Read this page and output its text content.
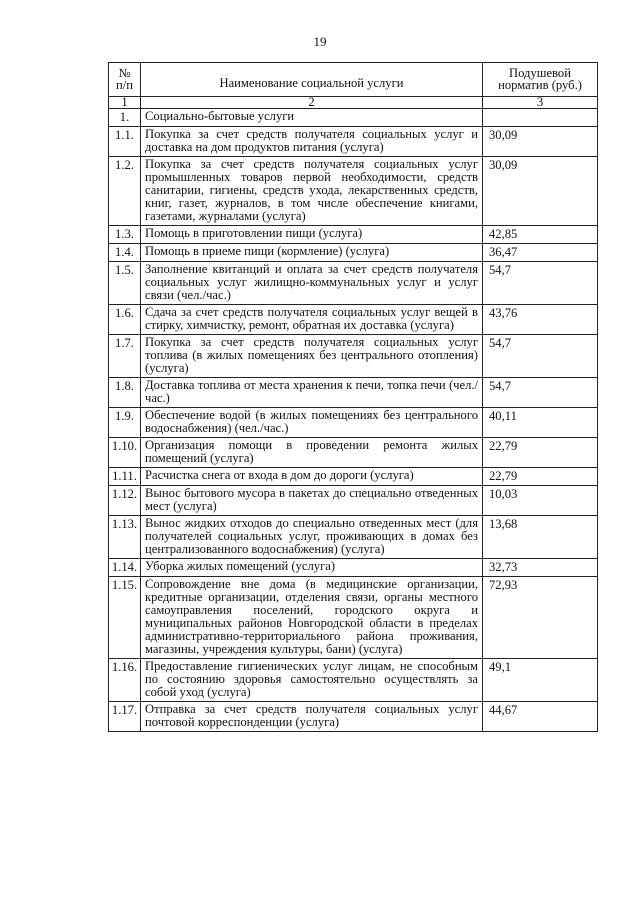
19
№ п/п	Наименование социальной услуги	Подушевой норматив (руб.)
1	2	3
1.	Социально-бытовые услуги	
1.1.	Покупка за счет средств получателя социальных услуг и доставка на дом продуктов питания (услуга)	30,09
1.2.	Покупка за счет средств получателя социальных услуг промышленных товаров первой необходимости, средств санитарии, гигиены, средств ухода, лекарственных средств, книг, газет, журналов, в том числе обеспечение книгами, газетами, журналами (услуга)	30,09
1.3.	Помощь в приготовлении пищи (услуга)	42,85
1.4.	Помощь в приеме пищи (кормление) (услуга)	36,47
1.5.	Заполнение квитанций и оплата за счет средств получателя социальных услуг жилищно-коммунальных услуг и услуг связи (чел./час.)	54,7
1.6.	Сдача за счет средств получателя социальных услуг вещей в стирку, химчистку, ремонт, обратная их доставка (услуга)	43,76
1.7.	Покупка за счет средств получателя социальных услуг топлива (в жилых помещениях без центрального отопления) (услуга)	54,7
1.8.	Доставка топлива от места хранения к печи, топка печи (чел./час.)	54,7
1.9.	Обеспечение водой (в жилых помещениях без центрального водоснабжения) (чел./час.)	40,11
1.10.	Организация помощи в проведении ремонта жилых помещений (услуга)	22,79
1.11.	Расчистка снега от входа в дом до дороги (услуга)	22,79
1.12.	Вынос бытового мусора в пакетах до специально отведенных мест (услуга)	10,03
1.13.	Вынос жидких отходов до специально отведенных мест (для получателей социальных услуг, проживающих в домах без централизованного водоснабжения) (услуга)	13,68
1.14.	Уборка жилых помещений (услуга)	32,73
1.15.	Сопровождение вне дома (в медицинские организации, кредитные организации, отделения связи, органы местного самоуправления поселений, городского округа и муниципальных районов Новгородской области в пределах административно-территориального района проживания, магазины, учреждения культуры, бани) (услуга)	72,93
1.16.	Предоставление гигиенических услуг лицам, не способным по состоянию здоровья самостоятельно осуществлять за собой уход (услуга)	49,1
1.17.	Отправка за счет средств получателя социальных услуг почтовой корреспонденции (услуга)	44,67
